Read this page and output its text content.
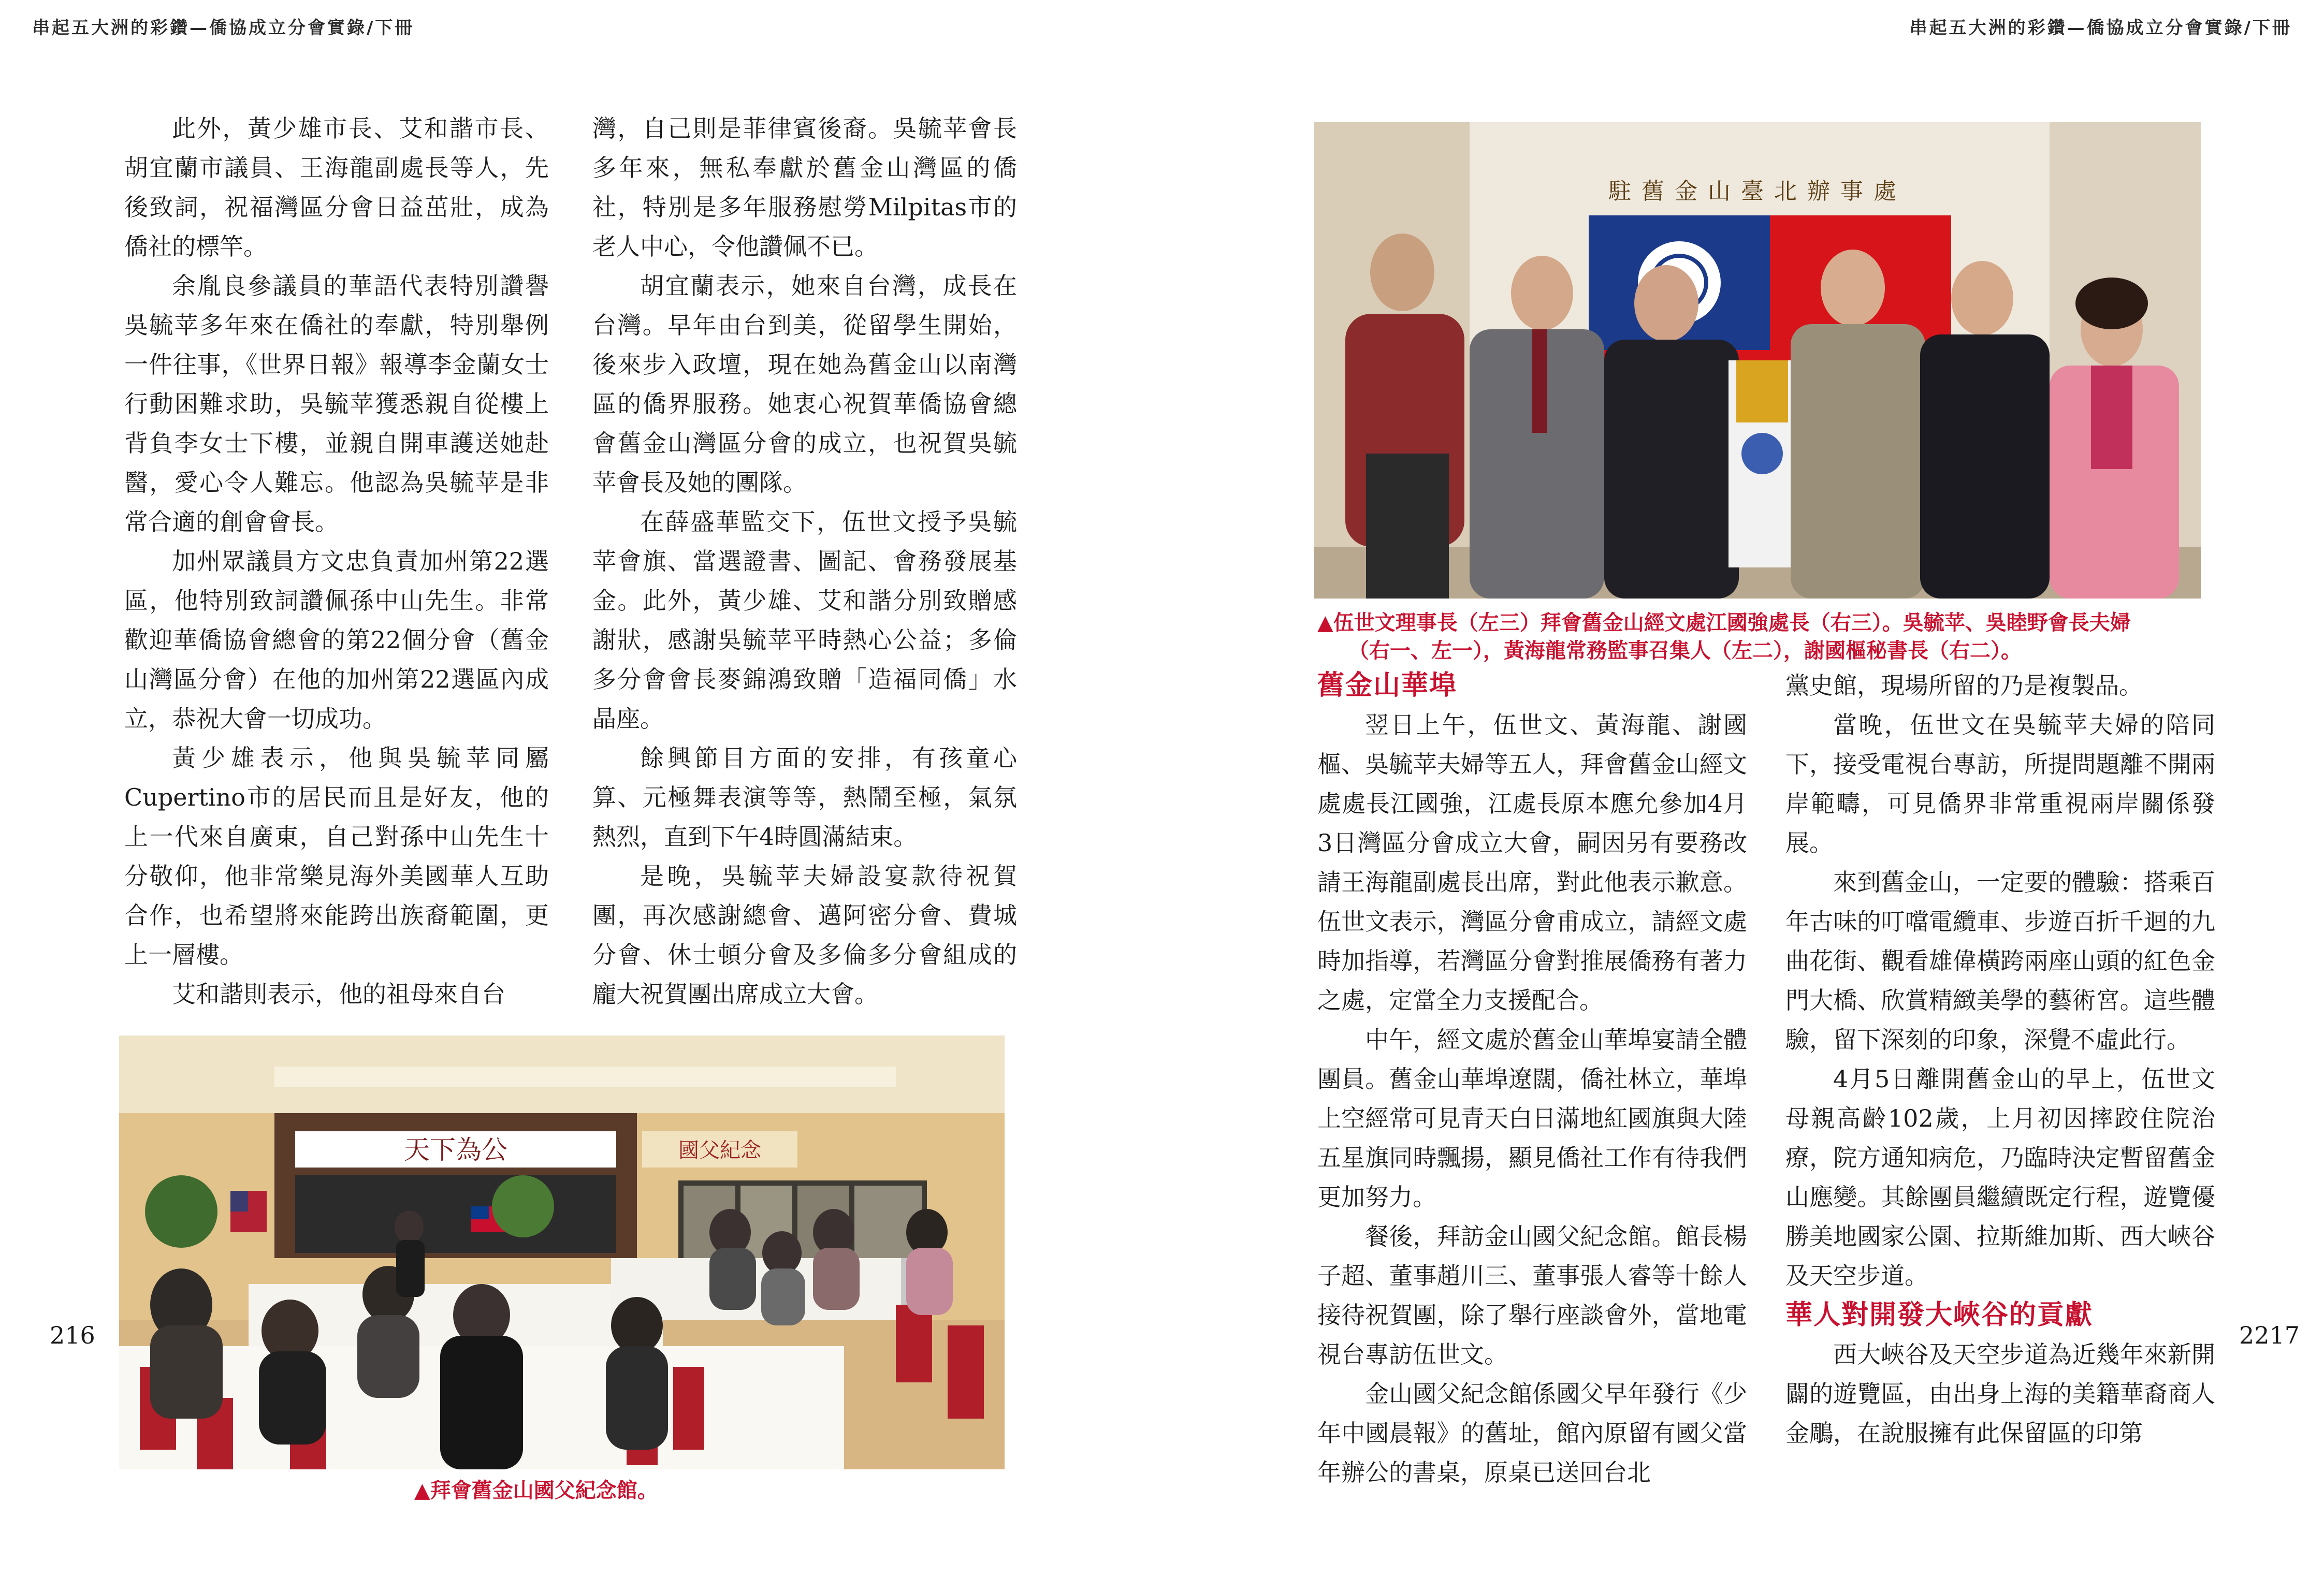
串起五大洲的彩鑽—僑協成立分會實錄/下冊

此外，黃少雄市長、艾和諧市長、胡宜蘭市議員、王海龍副處長等人，先後致詞，祝福灣區分會日益茁壯，成為僑社的標竿。

余胤良參議員的華語代表特別讚譽吳毓苹多年來在僑社的奉獻，特別舉例一件往事，《世界日報》報導李金蘭女士行動困難求助，吳毓苹獲悉親自從樓上背負李女士下樓，並親自開車護送她赴醫，愛心令人難忘。他認為吳毓苹是非常合適的創會會長。

加州眾議員方文忠負責加州第22選區，他特別致詞讚佩孫中山先生。非常歡迎華僑協會總會的第22個分會（舊金山灣區分會）在他的加州第22選區內成立，恭祝大會一切成功。

黃少雄表示，他與吳毓苹同屬Cupertino市的居民而且是好友，他的上一代來自廣東，自己對孫中山先生十分敬仰，他非常樂見海外美國華人互助合作，也希望將來能跨出族裔範圍，更上一層樓。

艾和諧則表示，他的祖母來自台

灣，自己則是菲律賓後裔。吳毓苹會長多年來，無私奉獻於舊金山灣區的僑社，特別是多年服務慰勞Milpitas市的老人中心，令他讚佩不已。

胡宜蘭表示，她來自台灣，成長在台灣。早年由台到美，從留學生開始，後來步入政壇，現在她為舊金山以南灣區的僑界服務。她衷心祝賀華僑協會總會舊金山灣區分會的成立，也祝賀吳毓苹會長及她的團隊。

在薛盛華監交下，伍世文授予吳毓苹會旗、當選證書、圖記、會務發展基金。此外，黃少雄、艾和諧分別致贈感謝狀，感謝吳毓苹平時熱心公益；多倫多分會會長麥錦鴻致贈「造福同僑」水晶座。

餘興節目方面的安排，有孩童心算、元極舞表演等等，熱鬧至極，氣氛熱烈，直到下午4時圓滿結束。

是晚，吳毓苹夫婦設宴款待祝賀團，再次感謝總會、邁阿密分會、費城分會、休士頓分會及多倫多分會組成的龐大祝賀團出席成立大會。

天下為公	國父紀念
▲拜會舊金山國父紀念館。
216
串起五大洲的彩鑽—僑協成立分會實錄/下冊
駐舊金山臺北辦事處
▲伍世文理事長（左三）拜會舊金山經文處江國強處長（右三）。吳毓苹、吳睦野會長夫婦
（右一、左一），黃海龍常務監事召集人（左二），謝國樞秘書長（右二）。
舊金山華埠

翌日上午，伍世文、黃海龍、謝國樞、吳毓苹夫婦等五人，拜會舊金山經文處處長江國強，江處長原本應允參加4月3日灣區分會成立大會，嗣因另有要務改請王海龍副處長出席，對此他表示歉意。伍世文表示，灣區分會甫成立，請經文處時加指導，若灣區分會對推展僑務有著力之處，定當全力支援配合。

中午，經文處於舊金山華埠宴請全體團員。舊金山華埠遼闊，僑社林立，華埠上空經常可見青天白日滿地紅國旗與大陸五星旗同時飄揚，顯見僑社工作有待我們更加努力。

餐後，拜訪金山國父紀念館。館長楊子超、董事趙川三、董事張人睿等十餘人接待祝賀團，除了舉行座談會外，當地電視台專訪伍世文。

金山國父紀念館係國父早年發行《少年中國晨報》的舊址，館內原留有國父當年辦公的書桌，原桌已送回台北

黨史館，現場所留的乃是複製品。

當晚，伍世文在吳毓苹夫婦的陪同下，接受電視台專訪，所提問題離不開兩岸範疇，可見僑界非常重視兩岸關係發展。

來到舊金山，一定要的體驗：搭乘百年古味的叮噹電纜車、步遊百折千迴的九曲花街、觀看雄偉橫跨兩座山頭的紅色金門大橋、欣賞精緻美學的藝術宮。這些體驗，留下深刻的印象，深覺不虛此行。

4月5日離開舊金山的早上，伍世文母親高齡102歲，上月初因摔跤住院治療，院方通知病危，乃臨時決定暫留舊金山應變。其餘團員繼續既定行程，遊覽優勝美地國家公園、拉斯維加斯、西大峽谷及天空步道。

華人對開發大峽谷的貢獻

西大峽谷及天空步道為近幾年來新開闢的遊覽區，由出身上海的美籍華裔商人金鵰，在說服擁有此保留區的印第

2217
